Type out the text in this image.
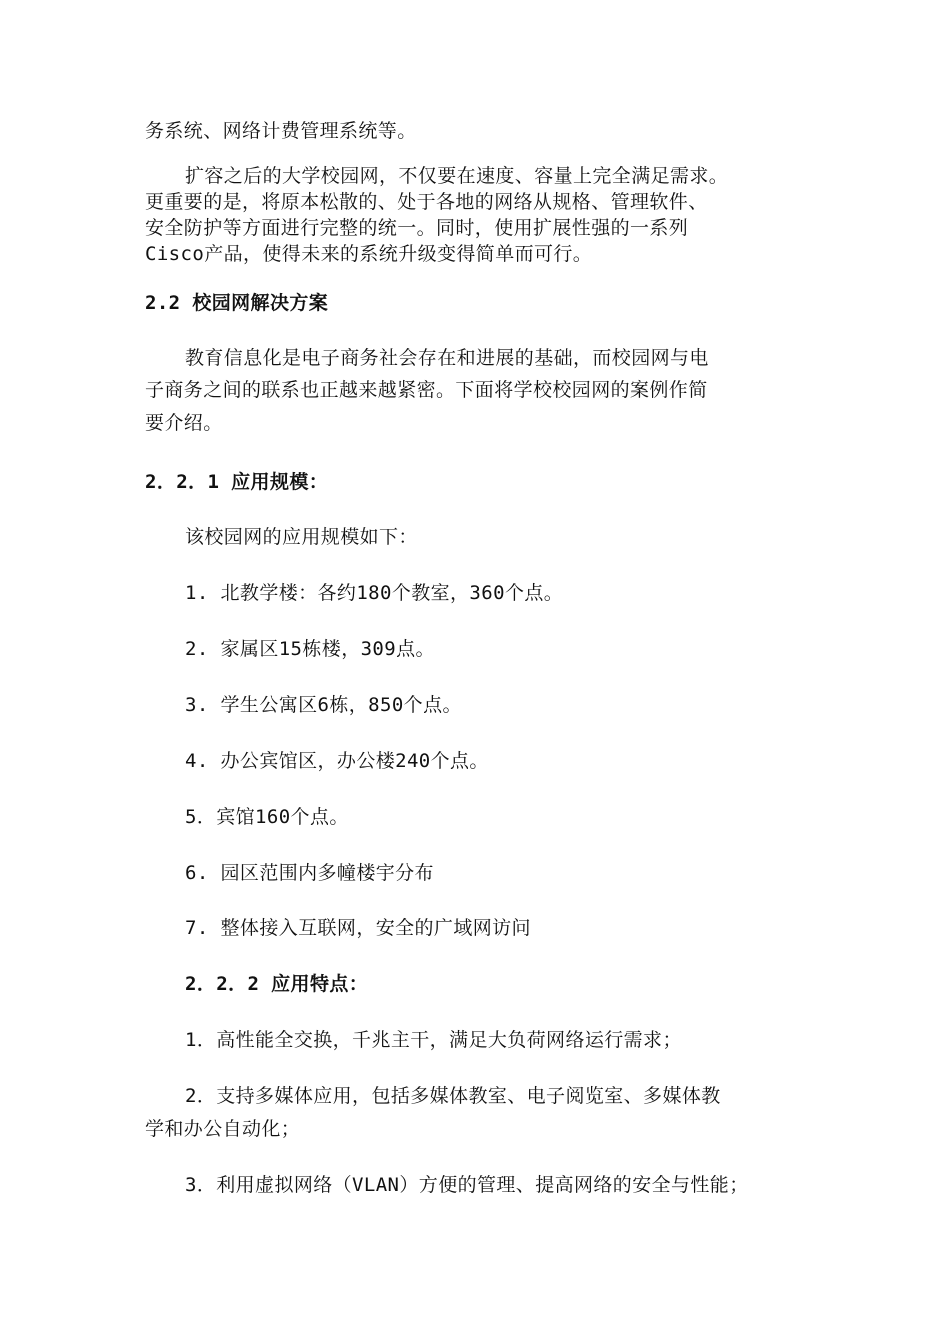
务系统、网络计费管理系统等。
扩容之后的大学校园网，不仅要在速度、容量上完全满足需求。
更重要的是，将原本松散的、处于各地的网络从规格、管理软件、
安全防护等方面进行完整的统一。同时，使用扩展性强的一系列
Cisco产品，使得未来的系统升级变得简单而可行。
2.2 校园网解决方案
教育信息化是电子商务社会存在和进展的基础，而校园网与电
子商务之间的联系也正越来越紧密。下面将学校校园网的案例作简
要介绍。
2．2．1 应用规模：
该校园网的应用规模如下：
1. 北教学楼：各约180个教室，360个点。
2. 家属区15栋楼，309点。
3. 学生公寓区6栋，850个点。
4. 办公宾馆区，办公楼240个点。
5．宾馆160个点。
6. 园区范围内多幢楼宇分布
7. 整体接入互联网，安全的广域网访问
2．2．2 应用特点：
1．高性能全交换，千兆主干，满足大负荷网络运行需求；
2．支持多媒体应用，包括多媒体教室、电子阅览室、多媒体教
学和办公自动化；
3．利用虚拟网络（VLAN）方便的管理、提高网络的安全与性能；
